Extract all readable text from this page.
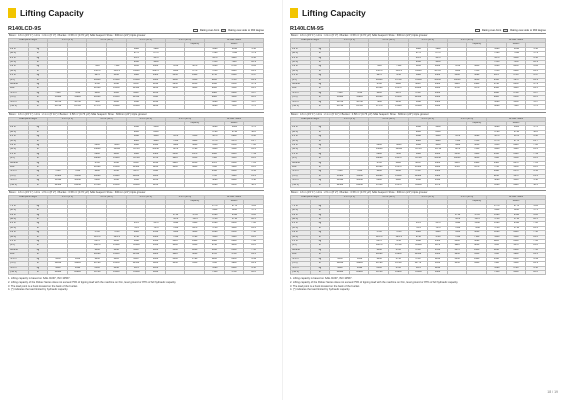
Lifting Capacity
R140LCD-9S	Rating over-front	Rating over-side or 360 degree
Boom : 4.6 m (15' 1") / Arm : 1.9 m (6' 3") / Bucket : 0.58 m³ (0.76 yd³) SAE heaped / Shoe : 600mm (24") triple grouser
Load point height		1.5 m (5 ft)		3.0 m (10 ft)		4.5 m (15 ft)		6.0 m (20 ft)		At max. reach		
									Capacity		Reach	
6.0 m	kg					*3980	*3980			*3490	*3490	5.46
(20 ft)	lb					*8770	*8770			*7690	*7690	17.9
4.5 m	kg					*4370	*4370			*3470	3240	6.36
(15 ft)	lb					*9630	*9630			*7650	7140	20.9
3.0 m	kg			*7110	*7110	*5100	4660	*3780	3070	*3560	2730	6.84
(10 ft)	lb			*15670	*15670	*11240	10270	*8330	6770	*7850	6020	22.4
1.5 m	kg			*9270	6850	*5980	4380	4350	2960	3710	2590	6.97
(5 ft)	lb			*20440	15100	*13180	9660	9590	6530	8180	5710	22.9
Ground	kg			*9780	6590	6550	4190	4230	2850	3630	2530	6.79
Line	lb			*21560	14530	14440	9240	9330	6280	8000	5580	22.3
-1.5 m	kg	*7220	*7220	*9300	6580	6490	4130			3820	2660	6.27
(-5 ft)	lb	*15920	*15920	*20500	14510	14310	9110			8420	5860	20.6
-3.0 m	kg	*10760	*10760	*7880	6660	*5490	4190			*4390	3190	5.27
(-10 ft)	lb	*23720	*23720	*17370	14680	*12100	9240			*9680	7030	17.3
Boom : 4.6 m (15' 1") / Arm : 2.1 m (6' 11") / Bucket : 0.58 m³ (0.76 yd³) SAE heaped / Shoe : 600mm (24") triple grouser
Load point height		1.5 m (5 ft)		3.0 m (10 ft)		4.5 m (15 ft)		6.0 m (20 ft)		At max. reach		
									Capacity		Reach	
6.0 m	kg					*3630	*3630			*3080	*3080	5.73
(20 ft)	lb					*8000	*8000			*6790	*6790	18.8
4.5 m	kg					*4090	*4090	*3470	3150	*3070	2980	6.60
(15 ft)	lb					*9020	*9020	*7650	6940	*6770	6570	21.7
3.0 m	kg			*6640	*6640	*4860	4690	*3660	3080	*3150	2530	7.06
(10 ft)	lb			*14640	*14640	*10710	10340	*8070	6790	*6940	5580	23.2
1.5 m	kg			*8990	6900	*5800	4400	4360	2970	3400	2410	7.19
(5 ft)	lb			*19820	15210	*12790	9700	9610	6550	7500	5310	23.6
Ground	kg			*9700	6590	6560	4190	4220	2850	3370	2360	7.01
Line	lb			*21380	14530	14460	9240	9300	6280	7430	5200	23.0
-1.5 m	kg	*7020	*7020	*9380	6540	6470	4110			3530	2460	6.52
(-5 ft)	lb	*15480	*15480	*20680	14420	14260	9060			7780	5420	21.4
-3.0 m	kg	*10190	*10190	*8090	6590	*5650	4150			*3890	2880	5.58
(-10 ft)	lb	*22460	*22460	*17840	14530	*12460	9150			*8580	6350	18.3
Boom : 4.6 m (15' 1") / Arm : 2.5 m (8' 2") / Bucket : 0.58 m³ (0.76 yd³) SAE heaped / Shoe : 600mm (24") triple grouser
Load point height		1.5 m (5 ft)		3.0 m (10 ft)		4.5 m (15 ft)		6.0 m (20 ft)		At max. reach		
									Capacity		Reach	
7.5 m	kg									*2770	*2770	5.22
(25 ft)	lb									*6110	*6110	17.1
6.0 m	kg							*2710	*2710	*2590	*2590	6.26
(20 ft)	lb							*5970	*5970	*5710	*5710	20.5
4.5 m	kg					*3570	*3570	*3190	3160	*2590	2630	7.06
(15 ft)	lb					*7870	*7870	*7030	6970	*5710	5800	23.2
3.0 m	kg			*5700	*5700	*4420	4310	*3450	3080	*2690	2330	7.50
(10 ft)	lb			*12570	*12570	*9740	9500	*7610	6790	*5930	5140	24.6
1.5 m	kg			*8470	6850	*5490	4330	4310	2960	3080	2200	7.62
(5 ft)	lb			*18670	15100	*12100	9550	9500	6530	6790	4850	25.0
Ground	kg			*9560	6490	6490	4120	4180	2820	3050	2160	7.45
Line	lb			*21080	14310	14310	9080	9220	6220	6720	4760	24.4
-1.5 m	kg	*6450	*6450	*9430	6420	6410	4060	4140	2790	3200	2250	6.99
(-5 ft)	lb	*14220	*14220	*20790	14150	14130	8950	9130	6150	7050	4960	22.9
-3.0 m	kg	*9490	*9490	*8500	6490	*5970	4100			*3590	2600	6.10
(-10 ft)	lb	*20920	*20920	*18740	14310	*13160	9040			*7910	5730	20.0
1. Lifting capacity is based on SAE J1097, ISO 10567.
2. Lifting capacity of the Robex Series does not exceed 75% of tipping load with the machine on firm, level ground or 87% of full hydraulic capacity.
3. The load point is a hook located on the back of the bucket.
4. (*) indicates the load limited by hydraulic capacity.
Lifting Capacity
R140LCM-9S	Rating over-front	Rating over-side or 360 degree
Boom : 4.6 m (15' 1") / Arm : 1.9 m (6' 3") / Bucket : 0.58 m³ (0.76 yd³) SAE heaped / Shoe : 600mm (24") triple grouser
Load point height		1.5 m (5 ft)		3.0 m (10 ft)		4.5 m (15 ft)		6.0 m (20 ft)		At max. reach		
									Capacity		Reach	
6.0 m	kg					*3980	*3980			*3490	*3490	5.46
(20 ft)	lb					*8770	*8770			*7690	*7690	17.9
4.5 m	kg					*4370	*4370			*3470	3380	6.36
(15 ft)	lb					*9630	*9630			*7650	7450	20.9
3.0 m	kg			*7110	*7110	*5100	4860	*3780	3200	*3560	2850	6.84
(10 ft)	lb			*15670	*15670	*11240	10710	*8330	7050	*7850	6280	22.4
1.5 m	kg			*9270	7150	*5980	4580	4540	3090	3870	2710	6.97
(5 ft)	lb			*20440	15760	*13180	10100	10010	6810	8530	5970	22.9
Ground	kg			*9780	6880	6840	4380	4420	2980	3790	2650	6.79
Line	lb			*21560	15170	15080	9660	9740	6570	8360	5840	22.3
-1.5 m	kg	*7220	*7220	*9300	6870	6780	4320			3990	2780	6.27
(-5 ft)	lb	*15920	*15920	*20500	15150	14950	9520			8800	6130	20.6
-3.0 m	kg	*10760	*10760	*7880	6950	*5490	4380			*4390	3330	5.27
(-10 ft)	lb	*23720	*23720	*17370	15320	*12100	9660			*9680	7340	17.3
Boom : 4.6 m (15' 1") / Arm : 2.1 m (6' 11") / Bucket : 0.58 m³ (0.76 yd³) SAE heaped / Shoe : 600mm (24") triple grouser
Load point height		1.5 m (5 ft)		3.0 m (10 ft)		4.5 m (15 ft)		6.0 m (20 ft)		At max. reach		
									Capacity		Reach	
6.0 m	kg					*3630	*3630			*3080	*3080	5.73
(20 ft)	lb					*8000	*8000			*6790	*6790	18.8
4.5 m	kg					*4090	*4090	*3470	3290	*3070	*3070	6.60
(15 ft)	lb					*9020	*9020	*7650	7250	*6770	*6770	21.7
3.0 m	kg			*6640	*6640	*4860	*4860	*3660	3210	*3150	2640	7.06
(10 ft)	lb			*14640	*14640	*10710	*10710	*8070	7080	*6940	5820	23.2
1.5 m	kg			*8990	7200	*5800	4600	4550	3100	3550	2520	7.19
(5 ft)	lb			*19820	15870	*12790	10140	10030	6830	7830	5560	23.6
Ground	kg			*9700	6880	6850	4380	4410	2980	3520	2470	7.01
Line	lb			*21380	15170	15100	9660	9720	6570	7760	5450	23.0
-1.5 m	kg	*7020	*7020	*9380	6830	6760	4300			3690	2570	6.52
(-5 ft)	lb	*15480	*15480	*20680	15060	14900	9480			8140	5670	21.4
-3.0 m	kg	*10190	*10190	*8090	6880	*5650	4340			*3890	3010	5.58
(-10 ft)	lb	*22460	*22460	*17840	15170	*12460	9570			*8580	6640	18.3
Boom : 4.6 m (15' 1") / Arm : 2.5 m (8' 2") / Bucket : 0.58 m³ (0.76 yd³) SAE heaped / Shoe : 600mm (24") triple grouser
Load point height		1.5 m (5 ft)		3.0 m (10 ft)		4.5 m (15 ft)		6.0 m (20 ft)		At max. reach		
									Capacity		Reach	
7.5 m	kg									*2770	*2770	5.22
(25 ft)	lb									*6110	*6110	17.1
6.0 m	kg							*2710	*2710	*2590	*2590	6.26
(20 ft)	lb							*5970	*5970	*5710	*5710	20.5
4.5 m	kg					*3570	*3570	*3190	*3190	*2590	*2590	7.06
(15 ft)	lb					*7870	*7870	*7030	*7030	*5710	*5710	23.2
3.0 m	kg			*5700	*5700	*4420	*4420	*3450	3220	*2690	2440	7.50
(10 ft)	lb			*12570	*12570	*9740	*9740	*7610	7100	*5930	5380	24.6
1.5 m	kg			*8470	7150	*5490	4520	4500	3090	3220	2300	7.62
(5 ft)	lb			*18670	15760	*12100	9970	9920	6810	7100	5070	25.0
Ground	kg			*9560	6780	6780	4310	4370	2950	3190	2260	7.45
Line	lb			*21080	14950	14950	9500	9630	6500	7030	4980	24.4
-1.5 m	kg	*6450	*6450	*9430	6710	6700	4240	4330	2920	3340	2350	6.99
(-5 ft)	lb	*14220	*14220	*20790	14790	14770	9350	9550	6440	7360	5180	22.9
-3.0 m	kg	*9490	*9490	*8500	6780	*5970	4290			*3590	2720	6.10
(-10 ft)	lb	*20920	*20920	*18740	14950	*13160	9460			*7910	6000	20.0
1. Lifting capacity is based on SAE J1097, ISO 10567.
2. Lifting capacity of the Robex Series does not exceed 75% of tipping load with the machine on firm, level ground or 87% of full hydraulic capacity.
3. The load point is a hook located on the back of the bucket.
4. (*) indicates the load limited by hydraulic capacity.
18 / 19
